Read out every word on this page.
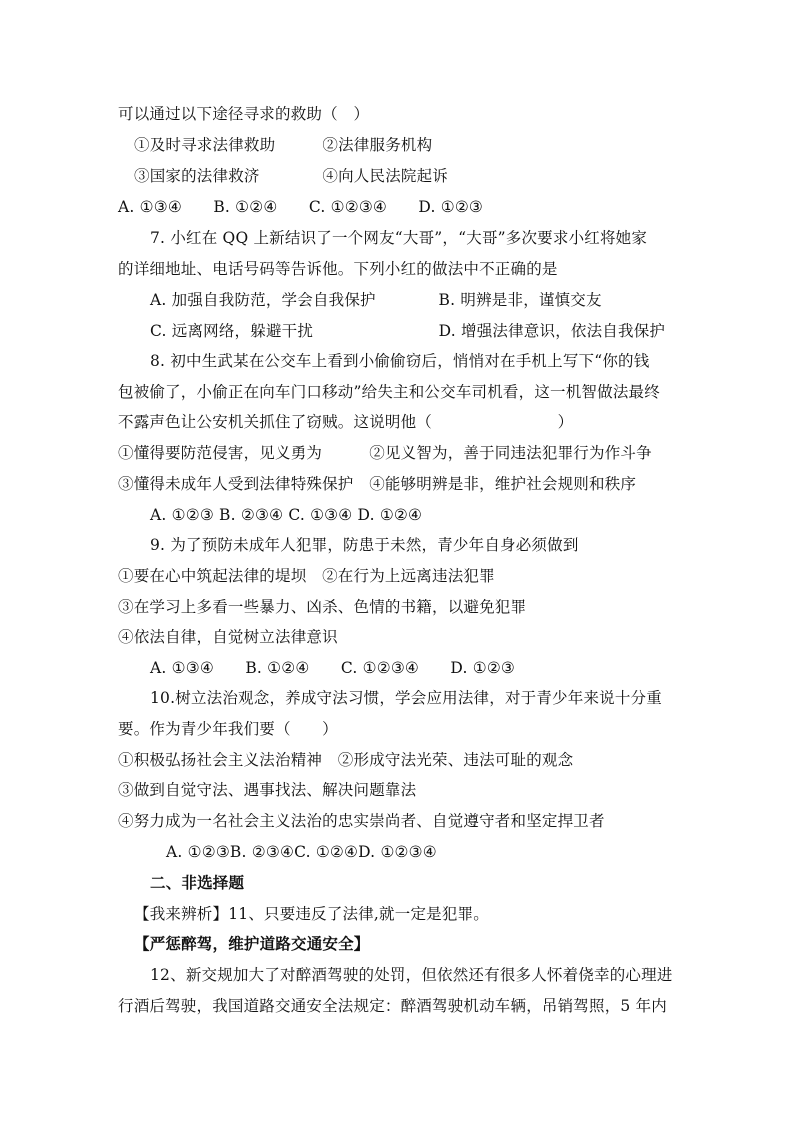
可以通过以下途径寻求的救助（　）
①及时寻求法律救助　　　②法律服务机构
③国家的法律救济　　　　④向人民法院起诉
A. ①③④　　B. ①②④　　C. ①②③④　　D. ①②③
7. 小红在 QQ 上新结识了一个网友“大哥”，“大哥”多次要求小红将她家
的详细地址、电话号码等告诉他。下列小红的做法中不正确的是
A. 加强自我防范，学会自我保护　　　　B. 明辨是非，谨慎交友
C. 远离网络，躲避干扰　　　　　　　　D. 增强法律意识，依法自我保护
8. 初中生武某在公交车上看到小偷偷窃后，悄悄对在手机上写下“你的钱
包被偷了，小偷正在向车门口移动”给失主和公交车司机看，这一机智做法最终
不露声色让公安机关抓住了窃贼。这说明他（　　　　　　　　）
①懂得要防范侵害，见义勇为　　　②见义智为，善于同违法犯罪行为作斗争
③懂得未成年人受到法律特殊保护　④能够明辨是非，维护社会规则和秩序
A. ①②③ B. ②③④ C. ①③④ D. ①②④
9. 为了预防未成年人犯罪，防患于未然，青少年自身必须做到
①要在心中筑起法律的堤坝　②在行为上远离违法犯罪
③在学习上多看一些暴力、凶杀、色情的书籍，以避免犯罪
④依法自律，自觉树立法律意识
A. ①③④　　B. ①②④　　C. ①②③④　　D. ①②③
10.树立法治观念，养成守法习惯，学会应用法律，对于青少年来说十分重
要。作为青少年我们要（　　）
①积极弘扬社会主义法治精神　②形成守法光荣、违法可耻的观念
③做到自觉守法、遇事找法、解决问题靠法
④努力成为一名社会主义法治的忠实崇尚者、自觉遵守者和坚定捍卫者
A. ①②③B. ②③④C. ①②④D. ①②③④
二、非选择题
【我来辨析】11、只要违反了法律,就一定是犯罪。
【严惩醉驾，维护道路交通安全】
12、新交规加大了对醉酒驾驶的处罚，但依然还有很多人怀着侥幸的心理进
行酒后驾驶，我国道路交通安全法规定：醉酒驾驶机动车辆，吊销驾照，5 年内
